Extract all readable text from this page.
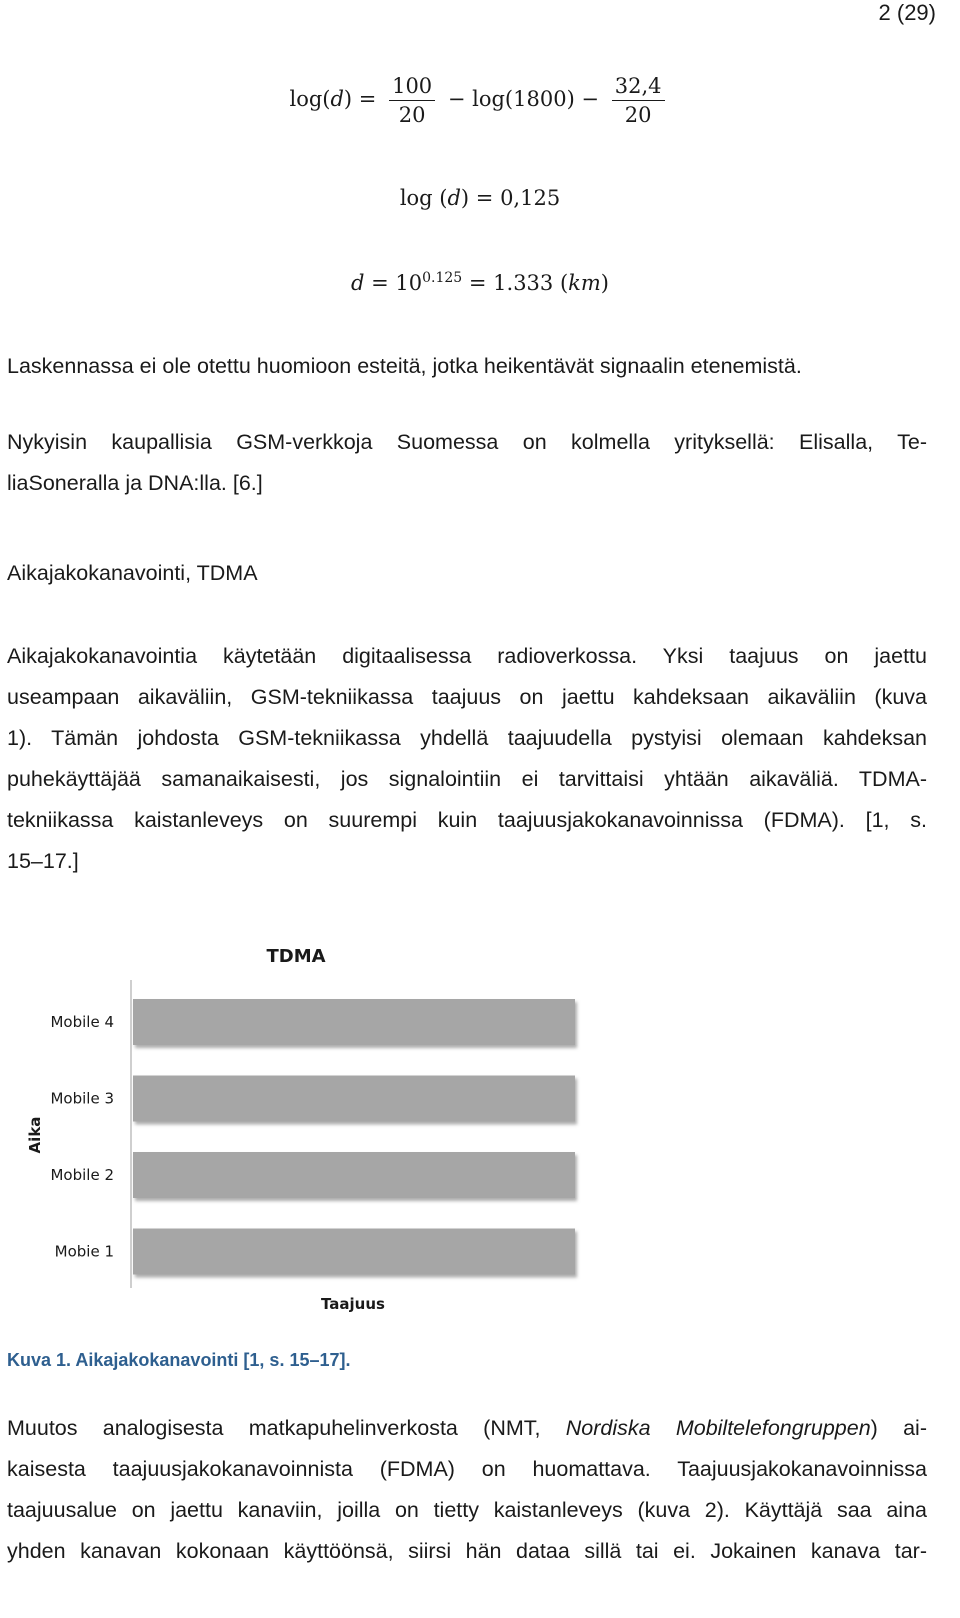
2 (29)
log(𝑑) = $\frac{100}{20} - \log(1800) - \frac{32,4}{20}$
log (𝑑) = 0,125
𝑑 = $10^{0.125} = 1.333$ (𝑘𝑚)
Laskennassa ei ole otettu huomioon esteitä, jotka heikentävät signaalin etenemistä.
Nykyisin kaupallisia GSM-verkkoja Suomessa on kolmella yrityksellä: Elisalla, Te-
liaSoneralla ja DNA:lla. [6.]
Aikajakokanavointi, TDMA
Aikajakokanavointia käytetään digitaalisessa radioverkossa. Yksi taajuus on jaettu
useampaan aikaväliin, GSM-tekniikassa taajuus on jaettu kahdeksaan aikaväliin (kuva
1). Tämän johdosta GSM-tekniikassa yhdellä taajuudella pystyisi olemaan kahdeksan
puhekäyttäjää samanaikaisesti, jos signalointiin ei tarvittaisi yhtään aikaväliä. TDMA-
tekniikassa kaistanleveys on suurempi kuin taajuusjakokanavoinnissa (FDMA). [1, s.
15–17.]
TDMA
Aika
Mobile 4
Mobile 3
Mobile 2
Mobie 1
Taajuus
Kuva 1. Aikajakokanavointi [1, s. 15–17].
Muutos analogisesta matkapuhelinverkosta (NMT, Nordiska Mobiltelefongruppen) ai-
kaisesta taajuusjakokanavoinnista (FDMA) on huomattava. Taajuusjakokanavoinnissa
taajuusalue on jaettu kanaviin, joilla on tietty kaistanleveys (kuva 2). Käyttäjä saa aina
yhden kanavan kokonaan käyttöönsä, siirsi hän dataa sillä tai ei. Jokainen kanava tar-
